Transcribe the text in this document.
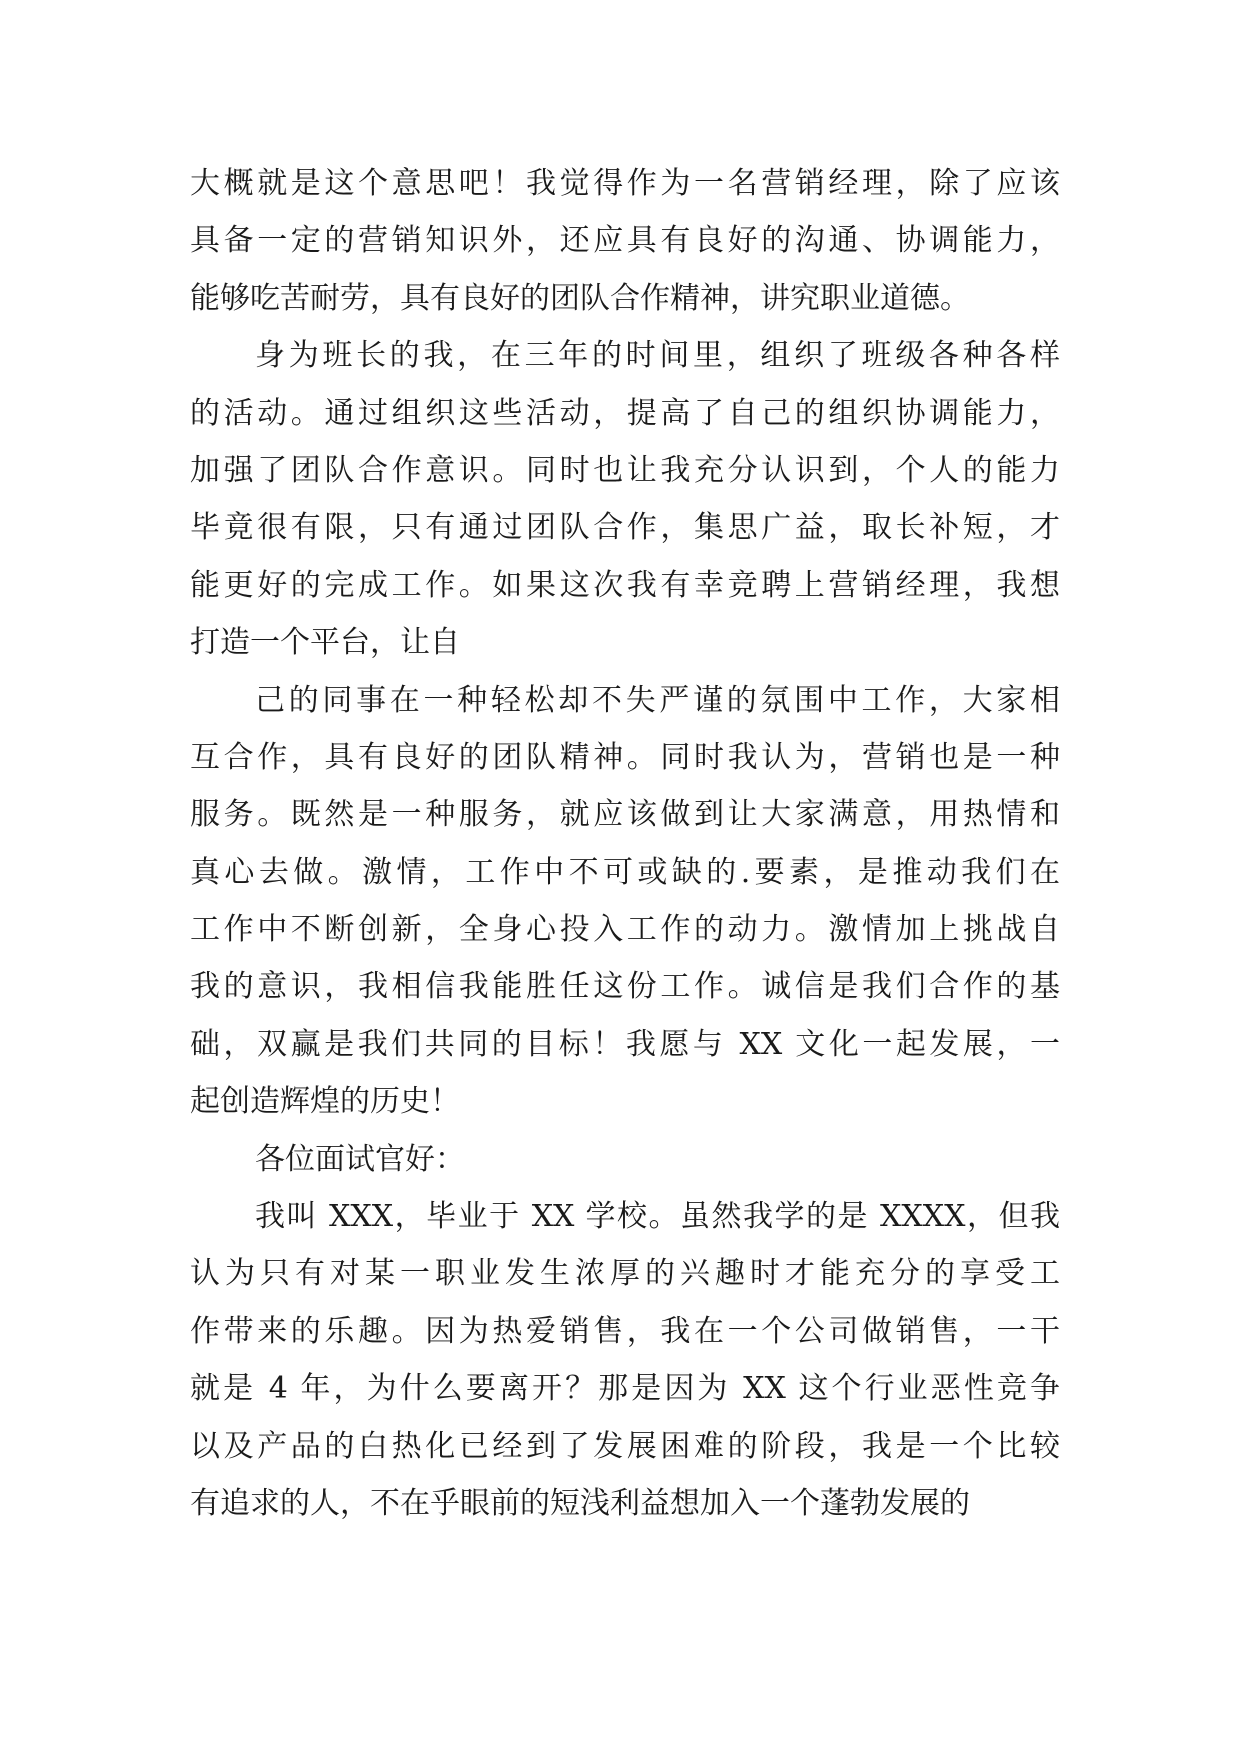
大概就是这个意思吧！我觉得作为一名营销经理，除了应该
具备一定的营销知识外，还应具有良好的沟通、协调能力，
能够吃苦耐劳，具有良好的团队合作精神，讲究职业道德。
身为班长的我，在三年的时间里，组织了班级各种各样
的活动。通过组织这些活动，提高了自己的组织协调能力，
加强了团队合作意识。同时也让我充分认识到，个人的能力
毕竟很有限，只有通过团队合作，集思广益，取长补短，才
能更好的完成工作。如果这次我有幸竞聘上营销经理，我想
打造一个平台，让自
己的同事在一种轻松却不失严谨的氛围中工作，大家相
互合作，具有良好的团队精神。同时我认为，营销也是一种
服务。既然是一种服务，就应该做到让大家满意，用热情和
真心去做。激情，工作中不可或缺的.要素，是推动我们在
工作中不断创新，全身心投入工作的动力。激情加上挑战自
我的意识，我相信我能胜任这份工作。诚信是我们合作的基
础，双赢是我们共同的目标！我愿与 XX 文化一起发展，一
起创造辉煌的历史！
各位面试官好：
我叫 XXX，毕业于 XX 学校。虽然我学的是 XXXX，但我
认为只有对某一职业发生浓厚的兴趣时才能充分的享受工
作带来的乐趣。因为热爱销售，我在一个公司做销售，一干
就是 4 年，为什么要离开？那是因为 XX 这个行业恶性竞争
以及产品的白热化已经到了发展困难的阶段，我是一个比较
有追求的人，不在乎眼前的短浅利益想加入一个蓬勃发展的
